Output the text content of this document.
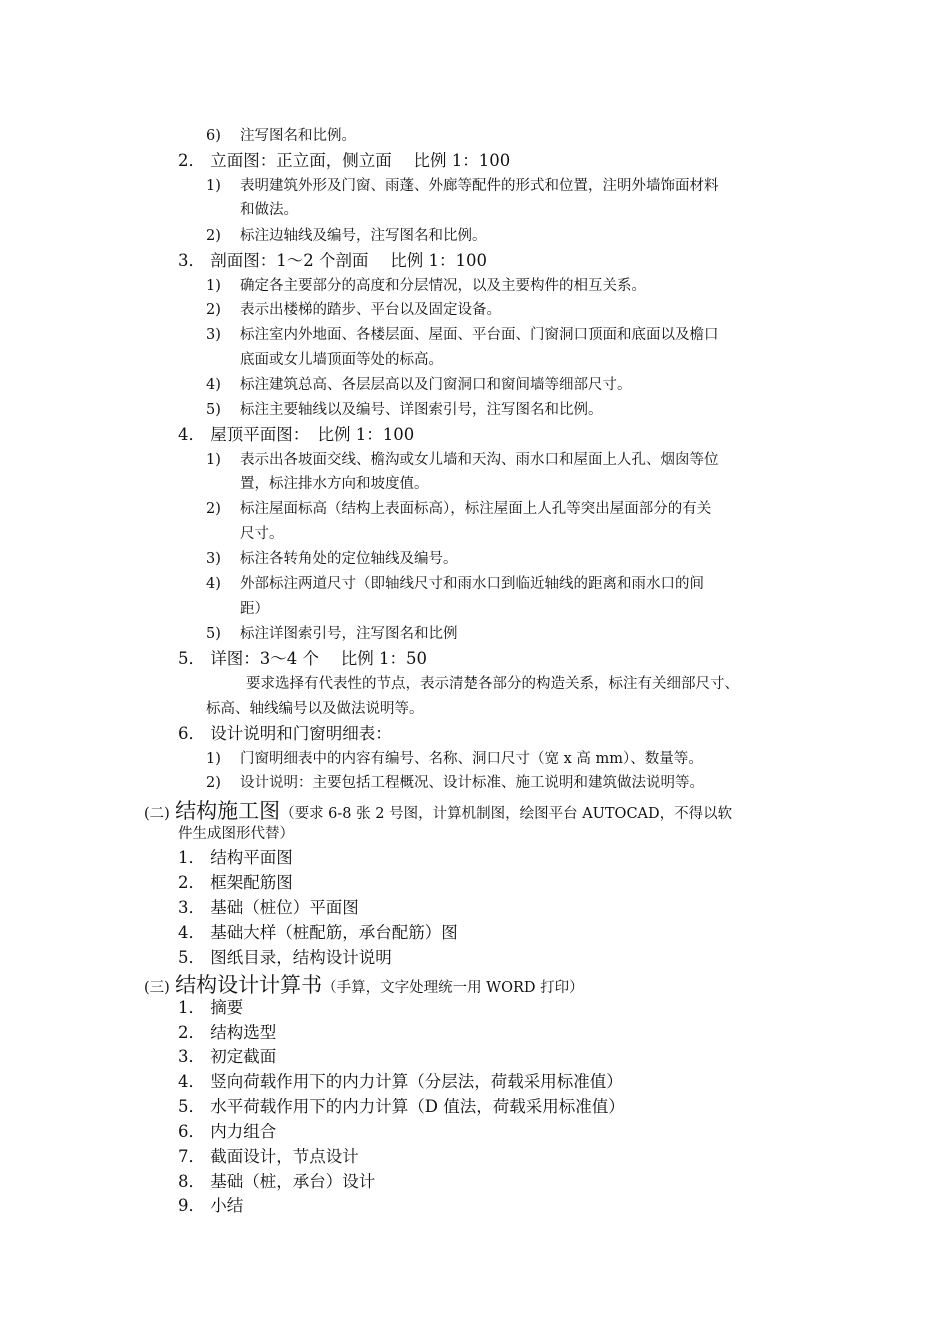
6)	注写图名和比例。
2． 立面图：正立面，侧立面　 比例 1：100
1)	表明建筑外形及门窗、雨蓬、外廊等配件的形式和位置，注明外墙饰面材料
和做法。
2)	标注边轴线及编号，注写图名和比例。
3． 剖面图：1～2 个剖面　 比例 1：100
1)	确定各主要部分的高度和分层情况，以及主要构件的相互关系。
2)	表示出楼梯的踏步、平台以及固定设备。
3)	标注室内外地面、各楼层面、屋面、平台面、门窗洞口顶面和底面以及檐口
底面或女儿墙顶面等处的标高。
4)	标注建筑总高、各层层高以及门窗洞口和窗间墙等细部尺寸。
5)	标注主要轴线以及编号、详图索引号，注写图名和比例。
4． 屋顶平面图：　比例 1：100
1)	表示出各坡面交线、檐沟或女儿墙和天沟、雨水口和屋面上人孔、烟囱等位
置，标注排水方向和坡度值。
2)	标注屋面标高（结构上表面标高），标注屋面上人孔等突出屋面部分的有关
尺寸。
3)	标注各转角处的定位轴线及编号。
4)	外部标注两道尺寸（即轴线尺寸和雨水口到临近轴线的距离和雨水口的间
距）
5)	标注详图索引号，注写图名和比例
5． 详图：3～4 个　 比例 1：50
要求选择有代表性的节点，表示清楚各部分的构造关系，标注有关细部尺寸、
标高、轴线编号以及做法说明等。
6． 设计说明和门窗明细表：
1)	门窗明细表中的内容有编号、名称、洞口尺寸（宽 x 高 mm）、数量等。
2)	设计说明：主要包括工程概况、设计标准、施工说明和建筑做法说明等。
(二) 结构施工图（要求 6-8 张 2 号图，计算机制图，绘图平台 AUTOCAD，不得以软
件生成图形代替）
1． 结构平面图
2． 框架配筋图
3． 基础（桩位）平面图
4． 基础大样（桩配筋，承台配筋）图
5． 图纸目录，结构设计说明
(三) 结构设计计算书（手算，文字处理统一用 WORD 打印）
1． 摘要
2． 结构选型
3． 初定截面
4． 竖向荷载作用下的内力计算（分层法，荷载采用标准值）
5． 水平荷载作用下的内力计算（D 值法，荷载采用标准值）
6． 内力组合
7． 截面设计，节点设计
8． 基础（桩，承台）设计
9． 小结
